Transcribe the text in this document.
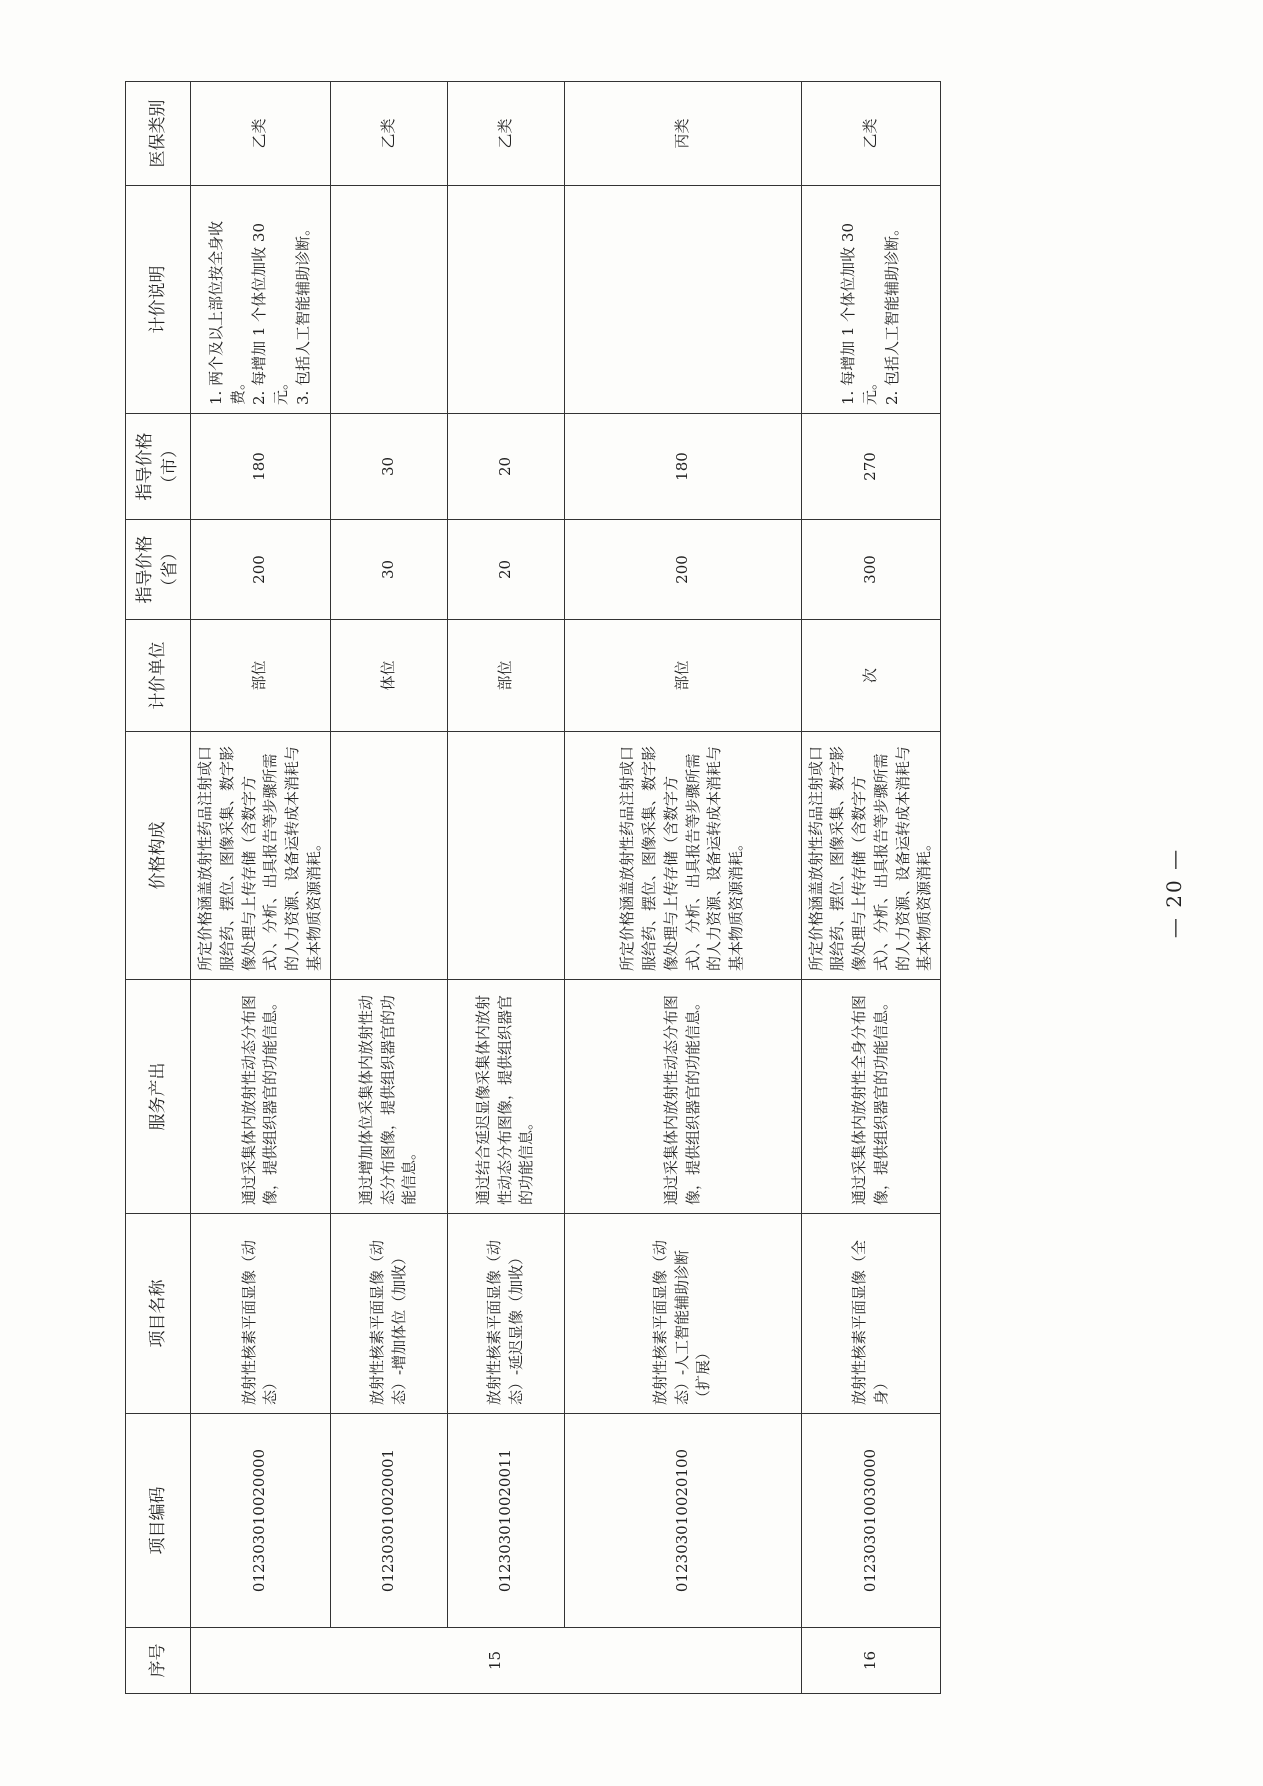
序号	项目编码	项目名称	服务产出	价格构成	计价单位	指导价格 （省）	指导价格 （市）	计价说明	医保类别
15	012303010020000	放射性核素平面显像（动态）	通过采集体内放射性动态分布图像，提供组织器官的功能信息。	所定价格涵盖放射性药品注射或口服给药、摆位、图像采集、数字影像处理与上传存储（含数字方式）、分析、出具报告等步骤所需的人力资源、设备运转成本消耗与基本物质资源消耗。	部位	200	180	1. 两个及以上部位按全身收费。
2. 每增加 1 个体位加收 30 元。
3. 包括人工智能辅助诊断。	乙类
	012303010020001	放射性核素平面显像（动态）-增加体位（加收）	通过增加体位采集体内放射性动态分布图像，提供组织器官的功能信息。		体位	30	30		乙类
	012303010020011	放射性核素平面显像（动态）-延迟显像（加收）	通过结合延迟显像采集体内放射性动态分布图像，提供组织器官的功能信息。		部位	20	20		乙类
	012303010020100	放射性核素平面显像（动态）-人工智能辅助诊断（扩展）	通过采集体内放射性动态分布图像，提供组织器官的功能信息。	所定价格涵盖放射性药品注射或口服给药、摆位、图像采集、数字影像处理与上传存储（含数字方式）、分析、出具报告等步骤所需的人力资源、设备运转成本消耗与基本物质资源消耗。	部位	200	180		丙类
16	012303010030000	放射性核素平面显像（全身）	通过采集体内放射性全身分布图像，提供组织器官的功能信息。	所定价格涵盖放射性药品注射或口服给药、摆位、图像采集、数字影像处理与上传存储（含数字方式）、分析、出具报告等步骤所需的人力资源、设备运转成本消耗与基本物质资源消耗。	次	300	270	1. 每增加 1 个体位加收 30 元。
2. 包括人工智能辅助诊断。	乙类
— 20 —
